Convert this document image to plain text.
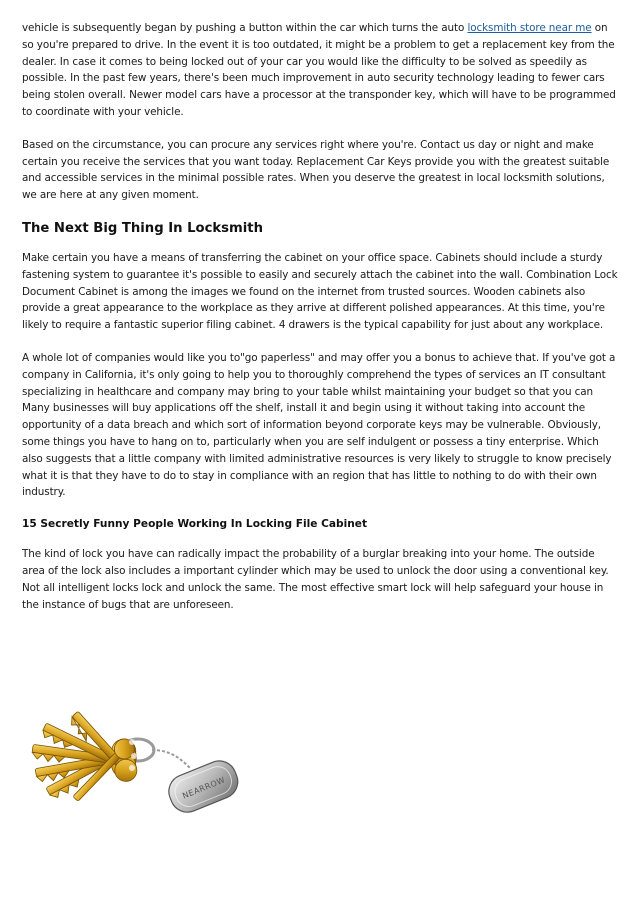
vehicle is subsequently began by pushing a button within the car which turns the auto locksmith store near me on so you're prepared to drive. In the event it is too outdated, it might be a problem to get a replacement key from the dealer. In case it comes to being locked out of your car you would like the difficulty to be solved as speedily as possible. In the past few years, there's been much improvement in auto security technology leading to fewer cars being stolen overall. Newer model cars have a processor at the transponder key, which will have to be programmed to coordinate with your vehicle.

Based on the circumstance, you can procure any services right where you're. Contact us day or night and make certain you receive the services that you want today. Replacement Car Keys provide you with the greatest suitable and accessible services in the minimal possible rates. When you deserve the greatest in local locksmith solutions, we are here at any given moment.

The Next Big Thing In Locksmith

Make certain you have a means of transferring the cabinet on your office space. Cabinets should include a sturdy fastening system to guarantee it's possible to easily and securely attach the cabinet into the wall. Combination Lock Document Cabinet is among the images we found on the internet from trusted sources. Wooden cabinets also provide a great appearance to the workplace as they arrive at different polished appearances. At this time, you're likely to require a fantastic superior filing cabinet. 4 drawers is the typical capability for just about any workplace.

A whole lot of companies would like you to"go paperless" and may offer you a bonus to achieve that. If you've got a company in California, it's only going to help you to thoroughly comprehend the types of services an IT consultant specializing in healthcare and company may bring to your table whilst maintaining your budget so that you can Many businesses will buy applications off the shelf, install it and begin using it without taking into account the opportunity of a data breach and which sort of information beyond corporate keys may be vulnerable. Obviously, some things you have to hang on to, particularly when you are self indulgent or possess a tiny enterprise. Which also suggests that a little company with limited administrative resources is very likely to struggle to know precisely what it is that they have to do to stay in compliance with an region that has little to nothing to do with their own industry.

15 Secretly Funny People Working In Locking File Cabinet

The kind of lock you have can radically impact the probability of a burglar breaking into your home. The outside area of the lock also includes a important cylinder which may be used to unlock the door using a conventional key. Not all intelligent locks lock and unlock the same. The most effective smart lock will help safeguard your house in the instance of bugs that are unforeseen.

NEARROW
